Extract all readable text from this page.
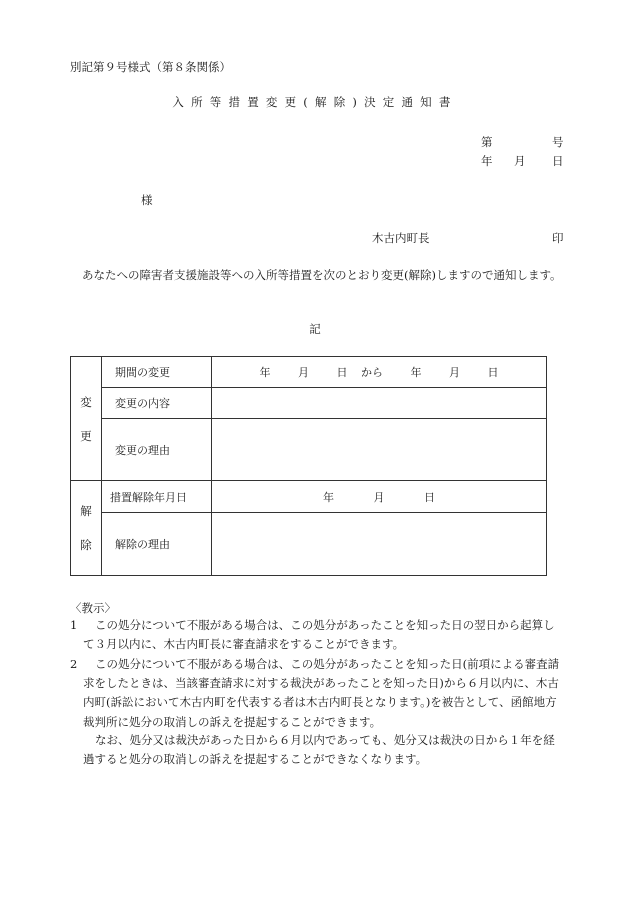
別記第９号様式（第８条関係）
入所等措置変更(解除)決定通知書
第	号
年 月 日
様
木古内町長	印
あなたへの障害者支援施設等への入所等措置を次のとおり変更(解除)しますので通知します。
記
変
更	期間の変更	年 月 日 から 年 月 日
	変更の内容	
	変更の理由	

解
除	措置解除年月日	年 月 日
	解除の理由	
〈教示〉
1	この処分について不服がある場合は、この処分があったことを知った日の翌日から起算して３月以内に、木古内町長に審査請求をすることができます。
2	この処分について不服がある場合は、この処分があったことを知った日(前項による審査請求をしたときは、当該審査請求に対する裁決があったことを知った日)から６月以内に、木古内町(訴訟において木古内町を代表する者は木古内町長となります。)を被告として、函館地方裁判所に処分の取消しの訴えを提起することができます。
なお、処分又は裁決があった日から６月以内であっても、処分又は裁決の日から１年を経過すると処分の取消しの訴えを提起することができなくなります。
